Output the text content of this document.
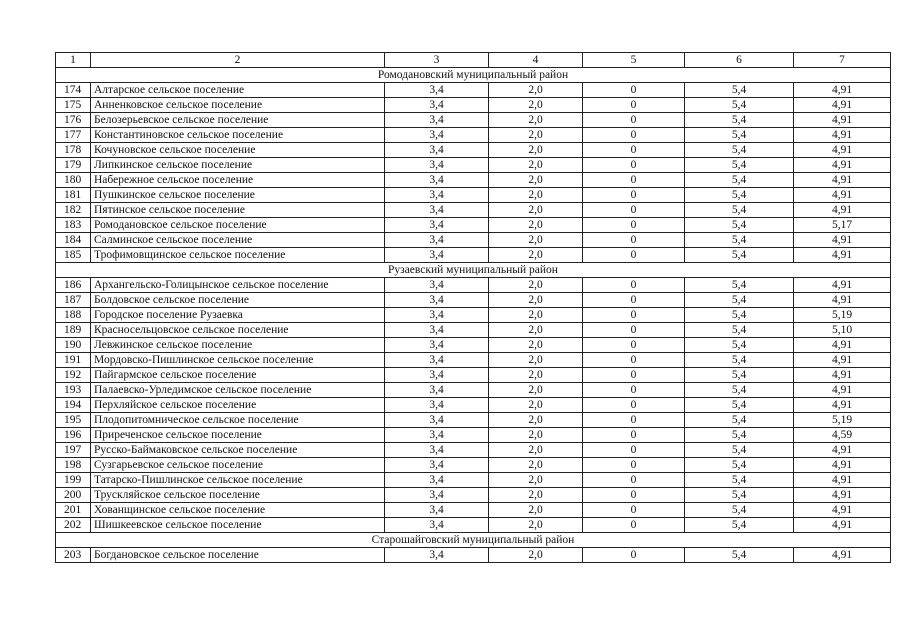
1	2	3	4	5	6	7
Ромодановский муниципальный район						
174	Алтарское сельское поселение	3,4	2,0	0	5,4	4,91
175	Анненковское сельское поселение	3,4	2,0	0	5,4	4,91
176	Белозерьевское сельское поселение	3,4	2,0	0	5,4	4,91
177	Константиновское сельское поселение	3,4	2,0	0	5,4	4,91
178	Кочуновское сельское поселение	3,4	2,0	0	5,4	4,91
179	Липкинское сельское поселение	3,4	2,0	0	5,4	4,91
180	Набережное сельское поселение	3,4	2,0	0	5,4	4,91
181	Пушкинское сельское поселение	3,4	2,0	0	5,4	4,91
182	Пятинское сельское поселение	3,4	2,0	0	5,4	4,91
183	Ромодановское сельское поселение	3,4	2,0	0	5,4	5,17
184	Салминское сельское поселение	3,4	2,0	0	5,4	4,91
185	Трофимовщинское сельское поселение	3,4	2,0	0	5,4	4,91
Рузаевский муниципальный район						
186	Архангельско-Голицынское сельское поселение	3,4	2,0	0	5,4	4,91
187	Болдовское сельское поселение	3,4	2,0	0	5,4	4,91
188	Городское поселение Рузаевка	3,4	2,0	0	5,4	5,19
189	Красносельцовское сельское поселение	3,4	2,0	0	5,4	5,10
190	Левжинское сельское поселение	3,4	2,0	0	5,4	4,91
191	Мордовско-Пишлинское сельское поселение	3,4	2,0	0	5,4	4,91
192	Пайгармское сельское поселение	3,4	2,0	0	5,4	4,91
193	Палаевско-Урледимское сельское поселение	3,4	2,0	0	5,4	4,91
194	Перхляйское сельское поселение	3,4	2,0	0	5,4	4,91
195	Плодопитомническое сельское поселение	3,4	2,0	0	5,4	5,19
196	Приреченское сельское поселение	3,4	2,0	0	5,4	4,59
197	Русско-Баймаковское сельское поселение	3,4	2,0	0	5,4	4,91
198	Сузгарьевское сельское поселение	3,4	2,0	0	5,4	4,91
199	Татарско-Пишлинское сельское поселение	3,4	2,0	0	5,4	4,91
200	Трускляйское сельское поселение	3,4	2,0	0	5,4	4,91
201	Хованщинское сельское поселение	3,4	2,0	0	5,4	4,91
202	Шишкеевское сельское поселение	3,4	2,0	0	5,4	4,91
Старошайговский муниципальный район						
203	Богдановское сельское поселение	3,4	2,0	0	5,4	4,91
